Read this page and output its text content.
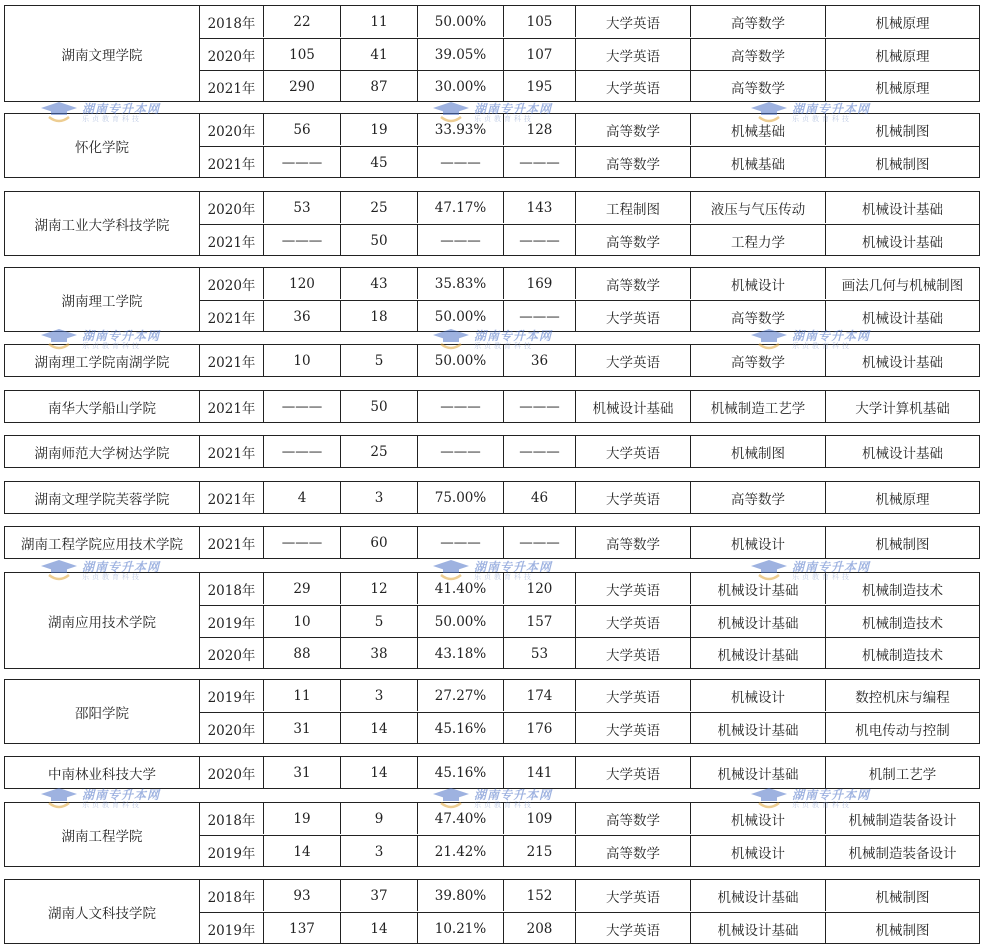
湖南文理学院
2018年	22	11	50.00%	105	大学英语	高等数学	机械原理
2020年	105	41	39.05%	107	大学英语	高等数学	机械原理
2021年	290	87	30.00%	195	大学英语	高等数学	机械原理
怀化学院
2020年	56	19	33.93%	128	高等数学	机械基础	机械制图
2021年	———	45	———	———	高等数学	机械基础	机械制图
湖南工业大学科技学院
2020年	53	25	47.17%	143	工程制图	液压与气压传动	机械设计基础
2021年	———	50	———	———	高等数学	工程力学	机械设计基础
湖南理工学院
2020年	120	43	35.83%	169	高等数学	机械设计	画法几何与机械制图
2021年	36	18	50.00%	———	大学英语	高等数学	机械设计基础
湖南理工学院南湖学院	2021年	10	5	50.00%	36	大学英语	高等数学	机械设计基础
南华大学船山学院	2021年	———	50	———	———	机械设计基础	机械制造工艺学	大学计算机基础
湖南师范大学树达学院	2021年	———	25	———	———	大学英语	机械制图	机械设计基础
湖南文理学院芙蓉学院	2021年	4	3	75.00%	46	大学英语	高等数学	机械原理
湖南工程学院应用技术学院	2021年	———	60	———	———	高等数学	机械设计	机械制图
湖南应用技术学院
2018年	29	12	41.40%	120	大学英语	机械设计基础	机械制造技术
2019年	10	5	50.00%	157	大学英语	机械设计基础	机械制造技术
2020年	88	38	43.18%	53	大学英语	机械设计基础	机械制造技术
邵阳学院
2019年	11	3	27.27%	174	大学英语	机械设计	数控机床与编程
2020年	31	14	45.16%	176	大学英语	机械设计基础	机电传动与控制
中南林业科技大学	2020年	31	14	45.16%	141	大学英语	机械设计基础	机制工艺学
湖南工程学院
2018年	19	9	47.40%	109	高等数学	机械设计	机械制造装备设计
2019年	14	3	21.42%	215	高等数学	机械设计	机械制造装备设计
湖南人文科技学院
2018年	93	37	39.80%	152	大学英语	机械设计基础	机械制图
2019年	137	14	10.21%	208	大学英语	机械设计基础	机械制图
湖南专升本网
乐贞教育科技
湖南专升本网
乐贞教育科技
湖南专升本网
乐贞教育科技
湖南专升本网
乐贞教育科技
湖南专升本网
乐贞教育科技
湖南专升本网
乐贞教育科技
湖南专升本网
乐贞教育科技
湖南专升本网
乐贞教育科技
湖南专升本网
乐贞教育科技
湖南专升本网
乐贞教育科技
湖南专升本网
乐贞教育科技
湖南专升本网
乐贞教育科技
